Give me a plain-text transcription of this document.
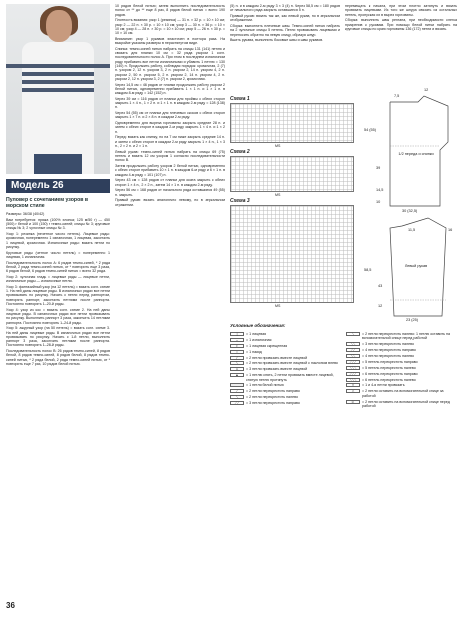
Модель 26
Пуловер с сочетанием узоров в морском стиле

Размеры: 36/38 (40/42)

Вам потребуется: пряжа (100% хлопка; 125 м/50 г) — 450 (500) г белой и 100 (150) г темно-синей; спицы № 3; круговые спицы № 3; 2 чулочные спицы № 3.

Узор 1: резинка (нечетное число петель). Лицевые ряды: кромочная, попеременно 1 изнаночная, 1 лицевая, закончить 1 лицевой, кромочная. Изнаночные ряды: вязать петли по рисунку.

Круговые ряды (четное число петель) = попеременно 1 лицевая, 1 изнаночная.

Последовательность полос А: 6 рядов темно-синей, * 2 ряда белой, 2 ряда темно-синей нитью, от * повторить еще 3 раза, 6 рядов белой, 6 рядов темно-синей нитью = всего 32 ряда.

Узор 2: чулочная гладь = лицевые ряды — лицевые петли, изнаночные ряды — изнаночные петли.

Узор 3: фантазийный узор (на 12 петель) = вязать согл. схеме 1. На ней даны лицевые ряды. В изнаночных рядах все петли провязывать по рисунку. Начать с петли перед раппортом, повторять раппорт, закончить петлями после раппорта. Постоянно повторять 1–20-й ряды.

Узор 4: узор из кос = вязать согл. схеме 2. На ней даны лицевые ряды. В изнаночных рядах все петли провязывать по рисунку. Выполнить раппорт 3 раза, закончить 14 петлями раппорта. Постоянно повторять 1–24-й ряды.

Узор 5: ажурный узор (на 50 петель) = вязать согл. схеме 3. На ней даны лицевые ряды. В изнаночных рядах все петли провязывать по рисунку. Начать с 1-й петли, выполнить раппорт 3 раза, закончить петлями после раппорта. Постоянно повторять 1–28-й ряды.

Последовательность полос В: 26 рядов темно-синей, 8 рядов белой, 8 рядов темно-синей, 8 рядов белой, 8 рядов темно-синей нитью, * 2 ряда белой, 2 ряда темно-синей нитью, от * повторить еще 7 раз, 10 рядов белой нитью.

10 рядов белой нитью; затем выполнить последовательность полос от ** до ** еще 8 раз, 8 рядов белой нитью = всего 190 рядов.

Плотность вязания: узор 1 (резинка) — 31 п. × 32 р. = 10 × 10 см; узор 2 — 22 п. × 30 р. = 10 × 10 см; узор 3 — 30 п. × 36 р. = 10 × 10 см; узор 4 — 28 п. × 30 р. = 10 × 10 см; узор 5 — 26 п. × 30 р. = 10 × 10 см.

Внимание: узор 1 рукавов эластичен в полтора раза. На выкройке указаны размеры в нерастянутом виде.

Спинка: темно-синей нитью набрать на спицы 131 (141) петлю и связать для планки 10 см = 32 ряда узором 1 согл. последовательности полос А. При этом в последнем изнаночном ряду прибавить все петли изнаночными и убавить 1 петлю = 130 (140) п. Продолжить работу, соблюдая порядок: кромочная, 2 (7) п. узором 2, 12 п. узором 3, 2 п. узором 2, 14 п. узором 4, 2 п. узором 2, 50 п. узором 5, 2 п. узором 2, 14 п. узором 4, 2 п. узором 2, 12 п. узором 3, 2 (7) п. узором 2, кромочная.

Через 14,5 см = 46 рядов от планки продолжить работу узором 2 белой нитью, одновременно прибавить 1 × 1 п. и 1 × 1 п. в каждом 8-м ряду = 142 (152) п.

Через 39 см = 116 рядов от планки для проймы с обеих сторон закрыть 1 × 4 п., 1 × 2 п. и 1 × 1 п. в каждом 2-м ряду = 128 (138) п.

Через 54 (55) см от планки для плечевых скосов с обеих сторон закрыть 1 × 7 п. и 2 × 8 п. в каждом 2-м ряду.

Одновременно для выреза горловины закрыть средние 28 п. и затем с обеих сторон в каждом 2-м ряду закрыть 1 × 4 п. и 1 × 2 п.

Перед: вязать как спинку, но на 7 см ниже закрыть средние 14 п. и затем с обеих сторон в каждом 2-м ряду закрыть 1 × 4 п., 1 × 3 п., 2 × 2 п. и 2 × 1 п.

Левый рукав: темно-синей нитью набрать на спицы 69 (75) петель и вязать 12 см узором 1 согласно последовательности полос В.

Затем продолжить работу узором 2 белой нитью, одновременно с обеих сторон прибавить 10 × 1 п. в каждом 6-м ряду и 6 × 1 п. в каждом 4-м ряду = 101 (107) п.

Через 43 см = 128 рядов от планки для оката закрыть с обеих сторон 1 × 4 п., 2 × 2 п., затем 14 × 1 п. в каждом 2-м ряду.

Через 56 см = 168 рядов от начального ряда оставшиеся 49 (55) п. закрыть.

Правый рукав: вязать аналогично левому, но в зеркальном отражении.

(5) п. и в каждом 2-м ряду 3 × 3 (4) п. Через 58,5 см = 180 рядов от начального ряда закрыть оставшиеся 5 п.

Правый рукав: вязать так же, как левый рукав, но в зеркальном отображении.

Сборка: выполнить плечевые швы. Темно-синей нитью набрать на 2 чулочные спицы 5 петель. Петли провязывать лицевыми и переносить обратно на левую спицу, образуя шнур.

Вшить рукава, выполнить боковые швы и швы рукавов.

перемещать к начала, при этом плотно затянуть и вязать провязать лицевыми. Из того же шнура связать из остальных петель, пропуская их в вырез горловины.

Сборка: выполнить швы реглана, при необходимости слегка прикрепив к рукавам. При помощи белой нитки набрать на круговые спицы по краю горловины 136 (172) петли и вязать.

Схема 1
MS
Схема 2
MS
Схема 3
MS
1/2 переда и спинки
Левый рукав
7,5
12
54 (55)
39
14,5
10
30 (32,5)
11,5	16
58,5
43
12
23 (25)
Условные обозначения:
|	= 1 лицевая
–	= 1 изнаночная
ℓ	= 1 лицевая скрещенная
○	= 1 накид
/	= 2 петли провязать вместе лицевой
\	= 2 петли провязать вместе лицевой с наклоном влево
∧	= 3 петли провязать вместе лицевой
▲	= 1 петлю снять, 2 петли провязать вместе лицевой, снятую петлю протянуть
= 1 петля белой нитью
⟋	= 2 петли перекрестить направо
⟍	= 2 петли перекрестить налево
⟋⟋	= 3 петли перекрестить направо
⟍	= 2 петли перекрестить налево: 1 петлю оставить на вспомогательной спице перед работой
⟍⟍	= 3 петли перекрестить налево
⟋⟋	= 4 петли перекрестить направо
⟍⟍	= 4 петли перекрестить налево
⟋⟋⟋	= 5 петель перекрестить направо
⟍⟍⟍	= 5 петель перекрестить налево
⟋⟋⟋	= 6 петель перекрестить направо
⟍⟍⟍	= 6 петель перекрестить налево
×	= 1 и 4-я петли провязать
⤫	= 2 петли оставить на вспомогательной спице за работой
⤪	= 2 петли оставить на вспомогательной спице перед работой
36
